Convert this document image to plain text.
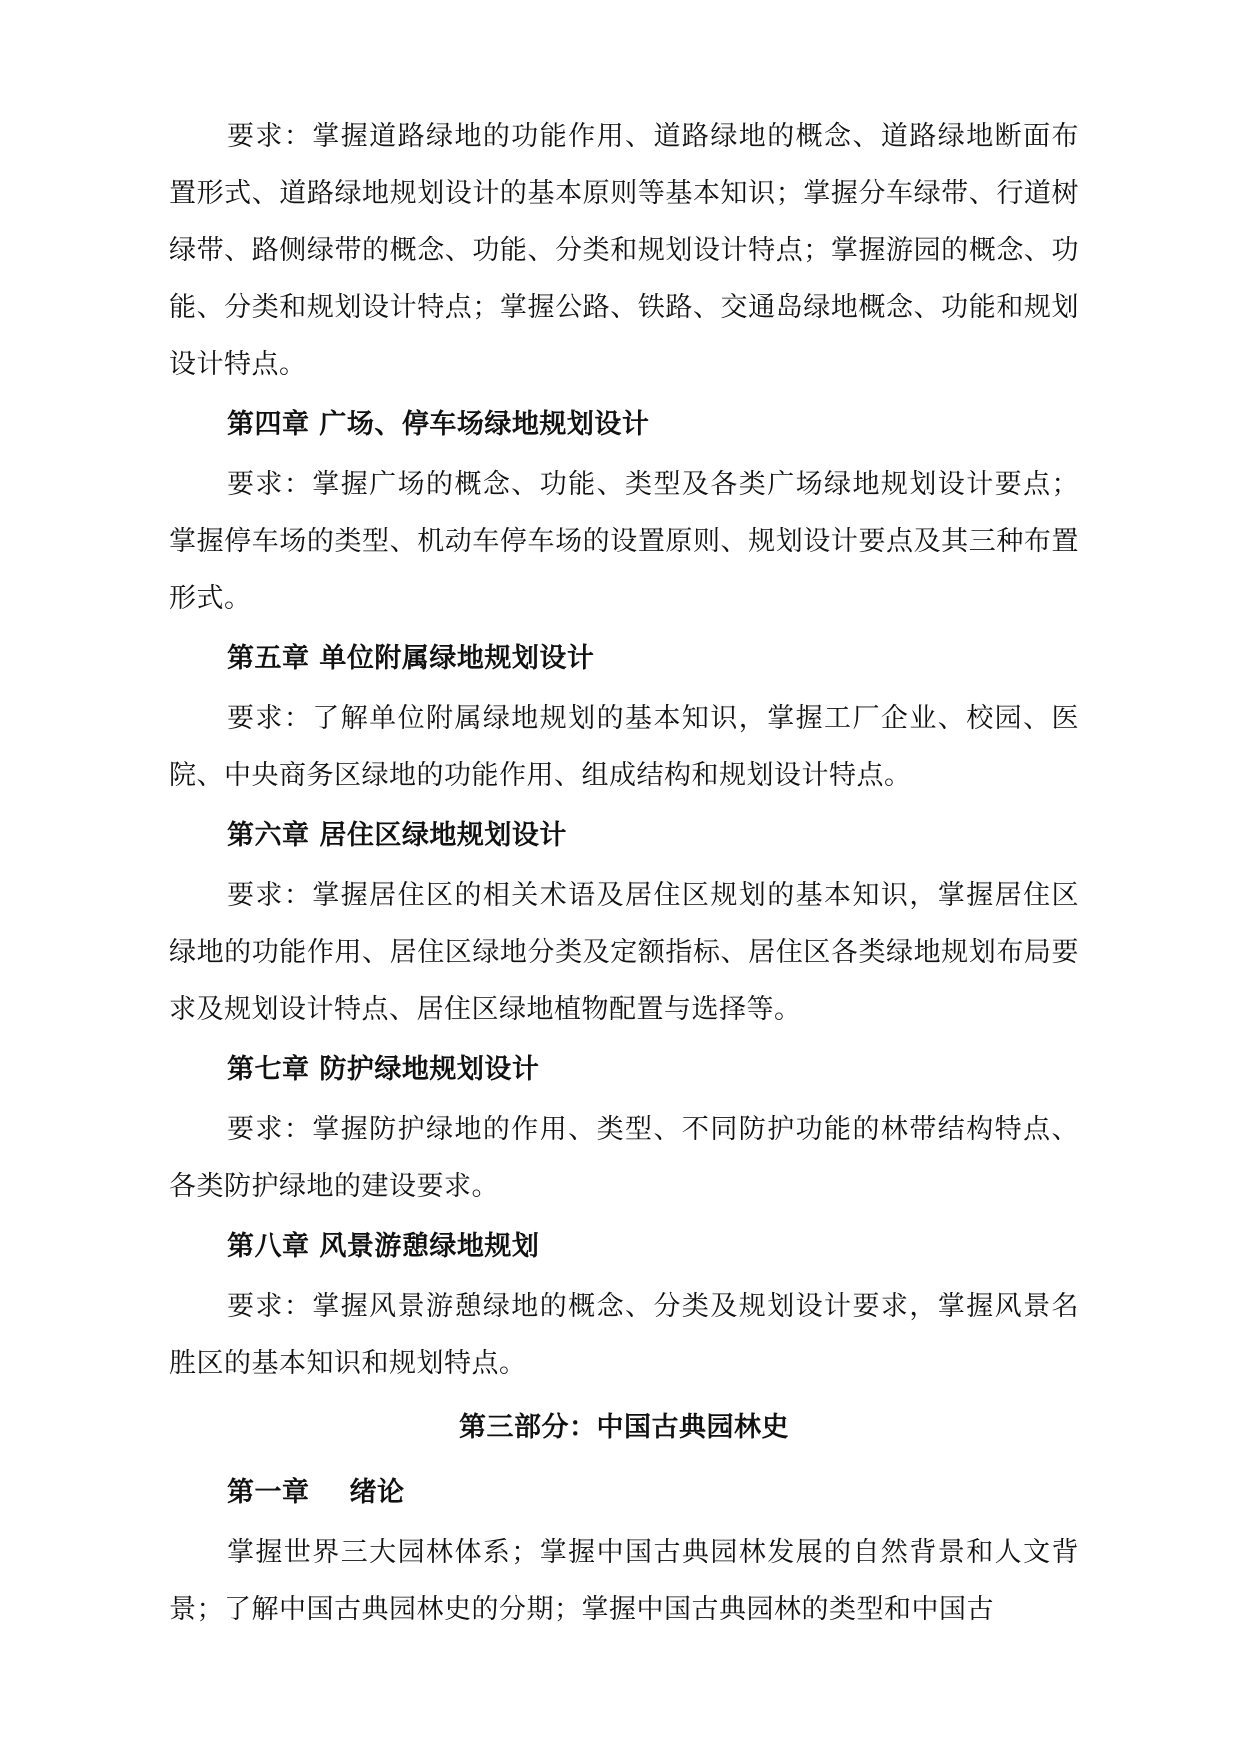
要求：掌握道路绿地的功能作用、道路绿地的概念、道路绿地断面布置形式、道路绿地规划设计的基本原则等基本知识；掌握分车绿带、行道树绿带、路侧绿带的概念、功能、分类和规划设计特点；掌握游园的概念、功能、分类和规划设计特点；掌握公路、铁路、交通岛绿地概念、功能和规划设计特点。

第四章 广场、停车场绿地规划设计

要求：掌握广场的概念、功能、类型及各类广场绿地规划设计要点；掌握停车场的类型、机动车停车场的设置原则、规划设计要点及其三种布置形式。

第五章 单位附属绿地规划设计

要求：了解单位附属绿地规划的基本知识，掌握工厂企业、校园、医院、中央商务区绿地的功能作用、组成结构和规划设计特点。

第六章 居住区绿地规划设计

要求：掌握居住区的相关术语及居住区规划的基本知识，掌握居住区绿地的功能作用、居住区绿地分类及定额指标、居住区各类绿地规划布局要求及规划设计特点、居住区绿地植物配置与选择等。

第七章 防护绿地规划设计

要求：掌握防护绿地的作用、类型、不同防护功能的林带结构特点、各类防护绿地的建设要求。

第八章 风景游憩绿地规划

要求：掌握风景游憩绿地的概念、分类及规划设计要求，掌握风景名胜区的基本知识和规划特点。

第三部分：中国古典园林史
第一章 绪论

掌握世界三大园林体系；掌握中国古典园林发展的自然背景和人文背景；了解中国古典园林史的分期；掌握中国古典园林的类型和中国古
